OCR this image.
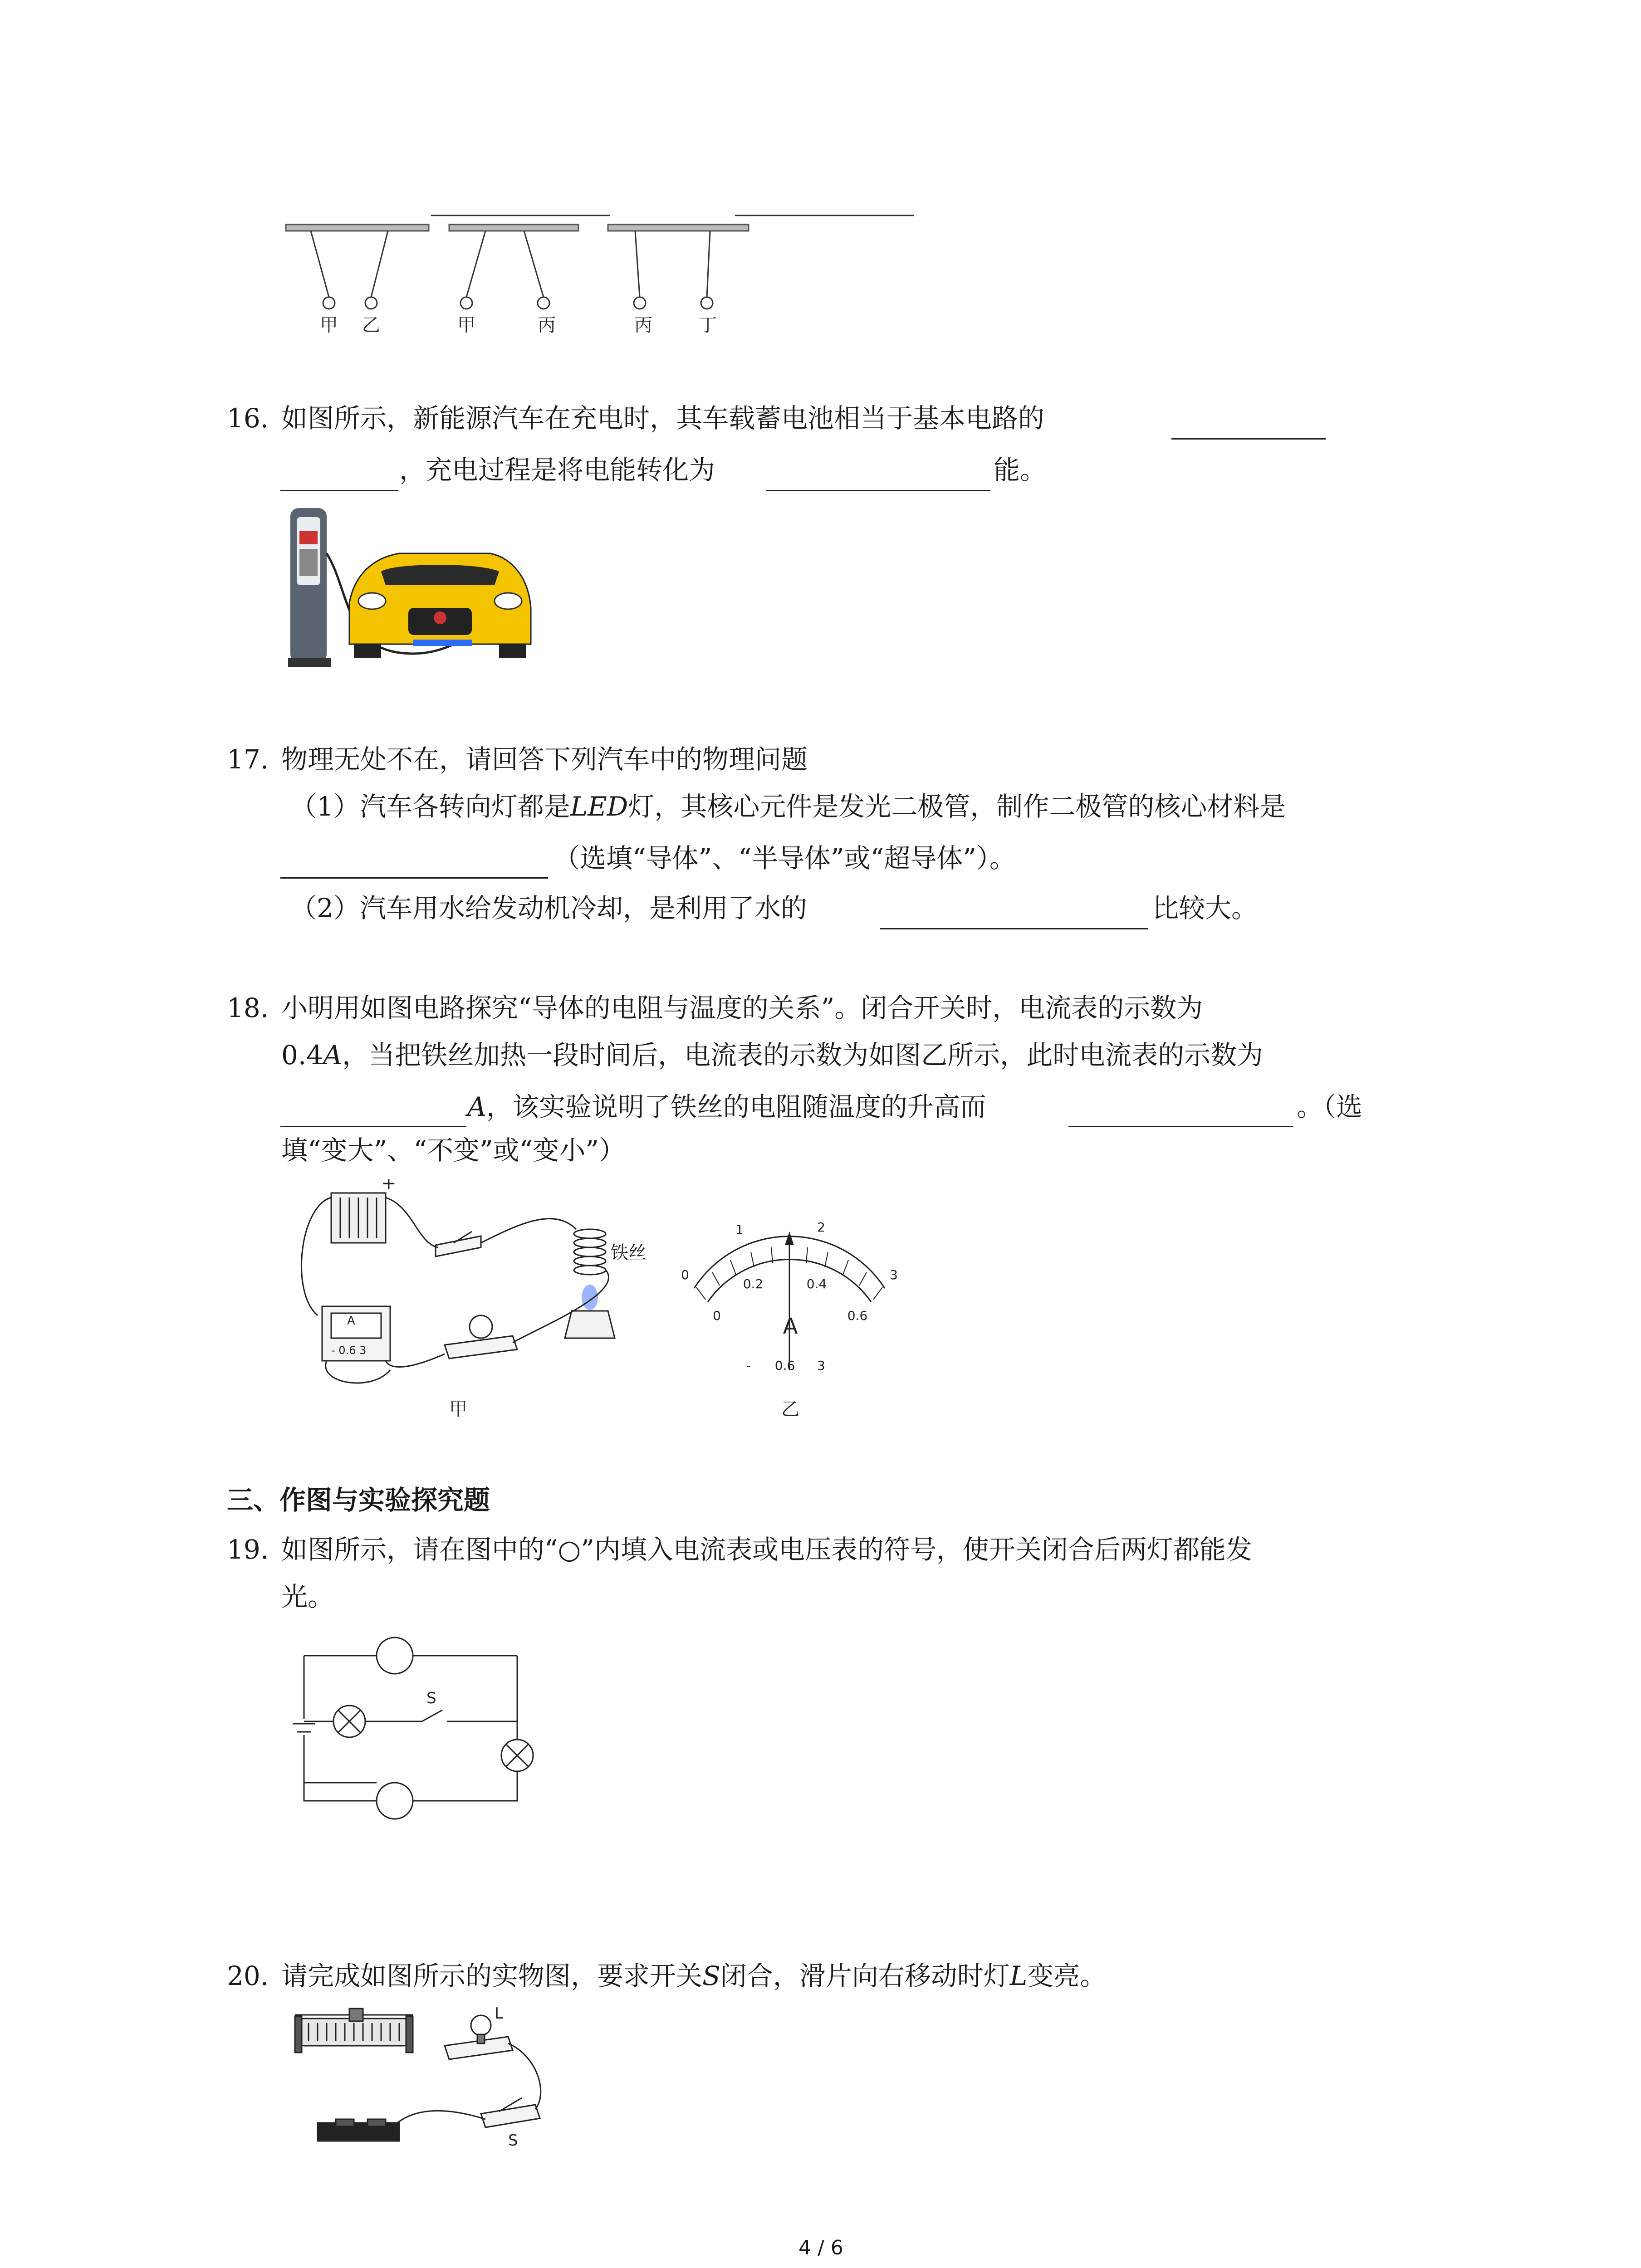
甲 乙	甲	丙	丙	丁
16. 如图所示，新能源汽车在充电时，其车载蓄电池相当于基本电路的
，充电过程是将电能转化为	能。
17. 物理无处不在，请回答下列汽车中的物理问题
（1）汽车各转向灯都是LED灯，其核心元件是发光二极管，制作二极管的核心材料是
（选填“导体”、“半导体”或“超导体”）。
（2）汽车用水给发动机冷却，是利用了水的	比较大。
18. 小明用如图电路探究“导体的电阻与温度的关系”。闭合开关时，电流表的示数为
0.4A，当把铁丝加热一段时间后，电流表的示数为如图乙所示，此时电流表的示数为
A，该实验说明了铁丝的电阻随温度的升高而	。（选
填“变大”、“不变”或“变小”）
+
A
- 0.6 3
铁丝
甲
0
1	2
3
0
0.2	0.4
0.6
A
- 0.6 3
乙
三、作图与实验探究题
19. 如图所示，请在图中的“○”内填入电流表或电压表的符号，使开关闭合后两灯都能发
光。
S
20. 请完成如图所示的实物图，要求开关S闭合，滑片向右移动时灯L变亮。
L
S
4 / 6
